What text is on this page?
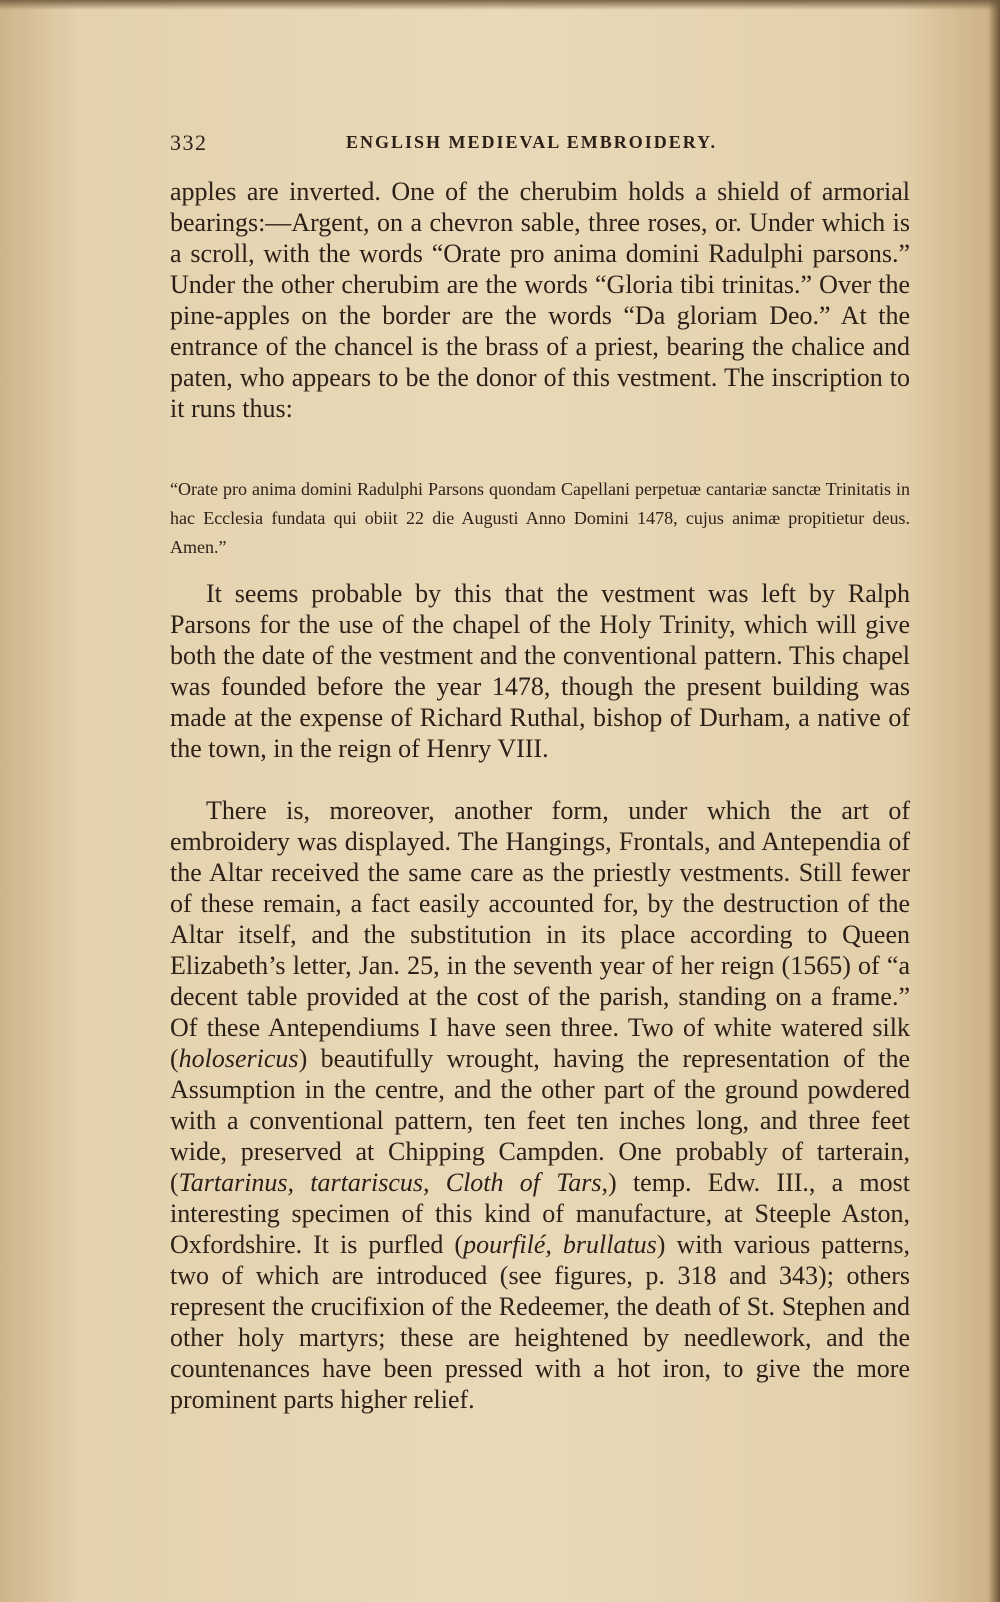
332	ENGLISH MEDIEVAL EMBROIDERY.

apples are inverted. One of the cherubim holds a shield of armorial bearings:—Argent, on a chevron sable, three roses, or. Under which is a scroll, with the words “Orate pro anima domini Radulphi parsons.” Under the other cherubim are the words “Gloria tibi trinitas.” Over the pine-apples on the border are the words “Da gloriam Deo.” At the entrance of the chancel is the brass of a priest, bearing the chalice and paten, who appears to be the donor of this vestment. The inscription to it runs thus:

“Orate pro anima domini Radulphi Parsons quondam Capellani perpetuæ cantariæ sanctæ Trinitatis in hac Ecclesia fundata qui obiit 22 die Augusti Anno Domini 1478, cujus animæ propitietur deus. Amen.”

It seems probable by this that the vestment was left by Ralph Parsons for the use of the chapel of the Holy Trinity, which will give both the date of the vestment and the conventional pattern. This chapel was founded before the year 1478, though the present building was made at the expense of Richard Ruthal, bishop of Durham, a native of the town, in the reign of Henry VIII.

There is, moreover, another form, under which the art of embroidery was displayed. The Hangings, Frontals, and Antependia of the Altar received the same care as the priestly vestments. Still fewer of these remain, a fact easily accounted for, by the destruction of the Altar itself, and the substitution in its place according to Queen Elizabeth’s letter, Jan. 25, in the seventh year of her reign (1565) of “a decent table provided at the cost of the parish, standing on a frame.” Of these Antependiums I have seen three. Two of white watered silk (holosericus) beautifully wrought, having the representation of the Assumption in the centre, and the other part of the ground powdered with a conventional pattern, ten feet ten inches long, and three feet wide, preserved at Chipping Campden. One probably of tarterain, (Tartarinus, tartariscus, Cloth of Tars,) temp. Edw. III., a most interesting specimen of this kind of manufacture, at Steeple Aston, Oxfordshire. It is purfled (pourfilé, brullatus) with various patterns, two of which are introduced (see figures, p. 318 and 343); others represent the crucifixion of the Redeemer, the death of St. Stephen and other holy martyrs; these are heightened by needlework, and the countenances have been pressed with a hot iron, to give the more prominent parts higher relief.
